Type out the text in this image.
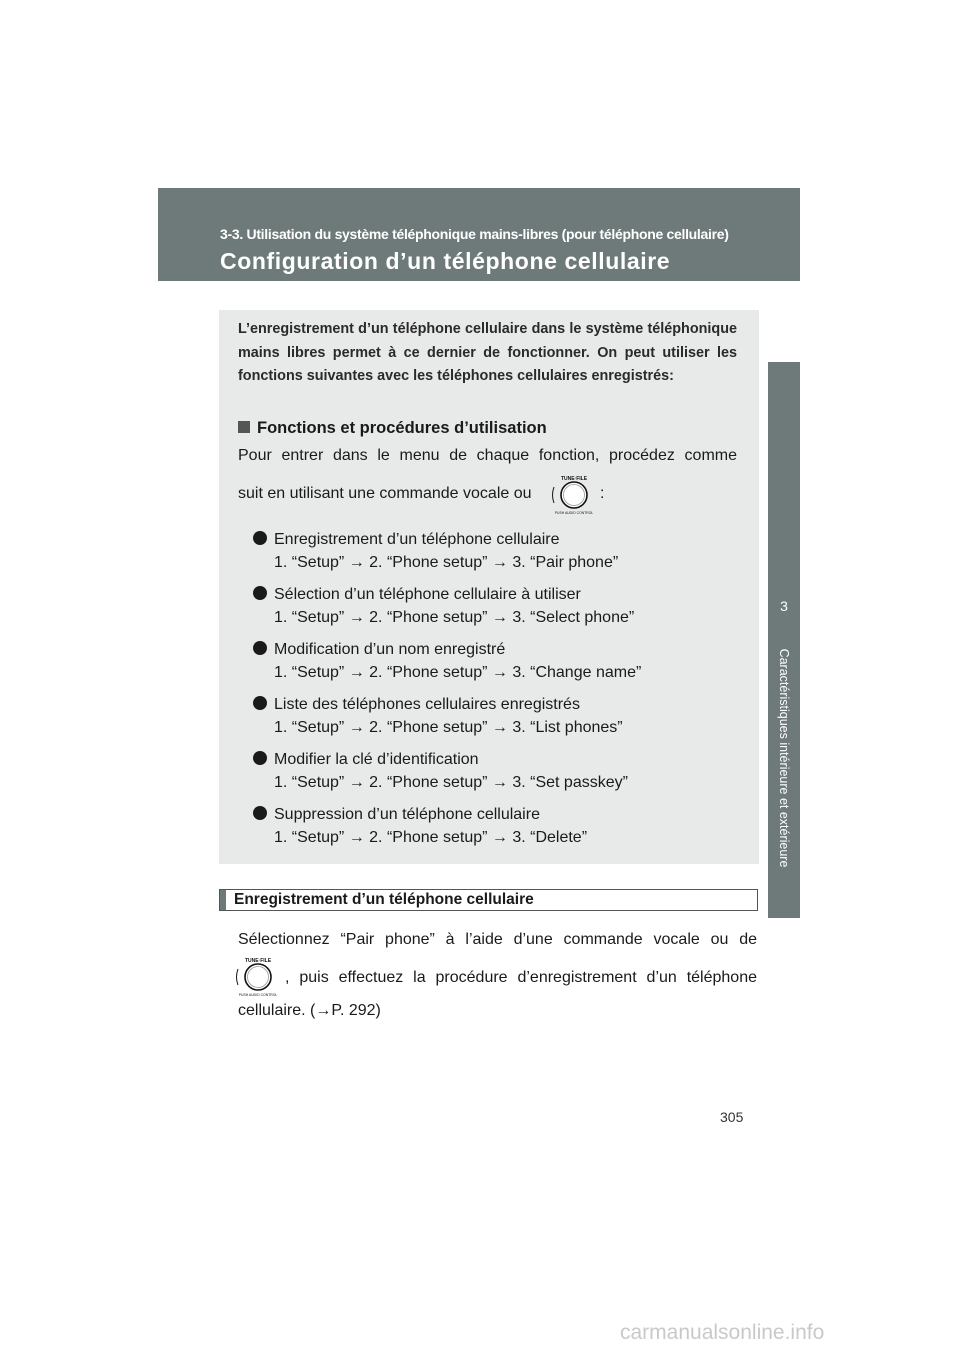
3-3. Utilisation du système téléphonique mains-libres (pour téléphone cellulaire)
Configuration d’un téléphone cellulaire
3
Caractéristiques intérieure et extérieure
L’enregistrement d’un téléphone cellulaire dans le système téléphonique mains libres permet à ce dernier de fonctionner. On peut utiliser les fonctions suivantes avec les téléphones cellulaires enregistrés:
Fonctions et procédures d’utilisation
Pour entrer dans le menu de chaque fonction, procédez comme
suit en utilisant une commande vocale ou
TUNE·FILE
PUSH AUDIO CONTROL
:
Enregistrement d’un téléphone cellulaire
1. “Setup” → 2. “Phone setup” → 3. “Pair phone”
Sélection d’un téléphone cellulaire à utiliser
1. “Setup” → 2. “Phone setup” → 3. “Select phone”
Modification d’un nom enregistré
1. “Setup” → 2. “Phone setup” → 3. “Change name”
Liste des téléphones cellulaires enregistrés
1. “Setup” → 2. “Phone setup” → 3. “List phones”
Modifier la clé d’identification
1. “Setup” → 2. “Phone setup” → 3. “Set passkey”
Suppression d’un téléphone cellulaire
1. “Setup” → 2. “Phone setup” → 3. “Delete”
Enregistrement d’un téléphone cellulaire
Sélectionnez “Pair phone” à l’aide d’une commande vocale ou de
TUNE·FILE
PUSH AUDIO CONTROL
, puis effectuez la procédure d’enregistrement d’un téléphone
cellulaire. (→P. 292)
305
carmanualsonline.info
